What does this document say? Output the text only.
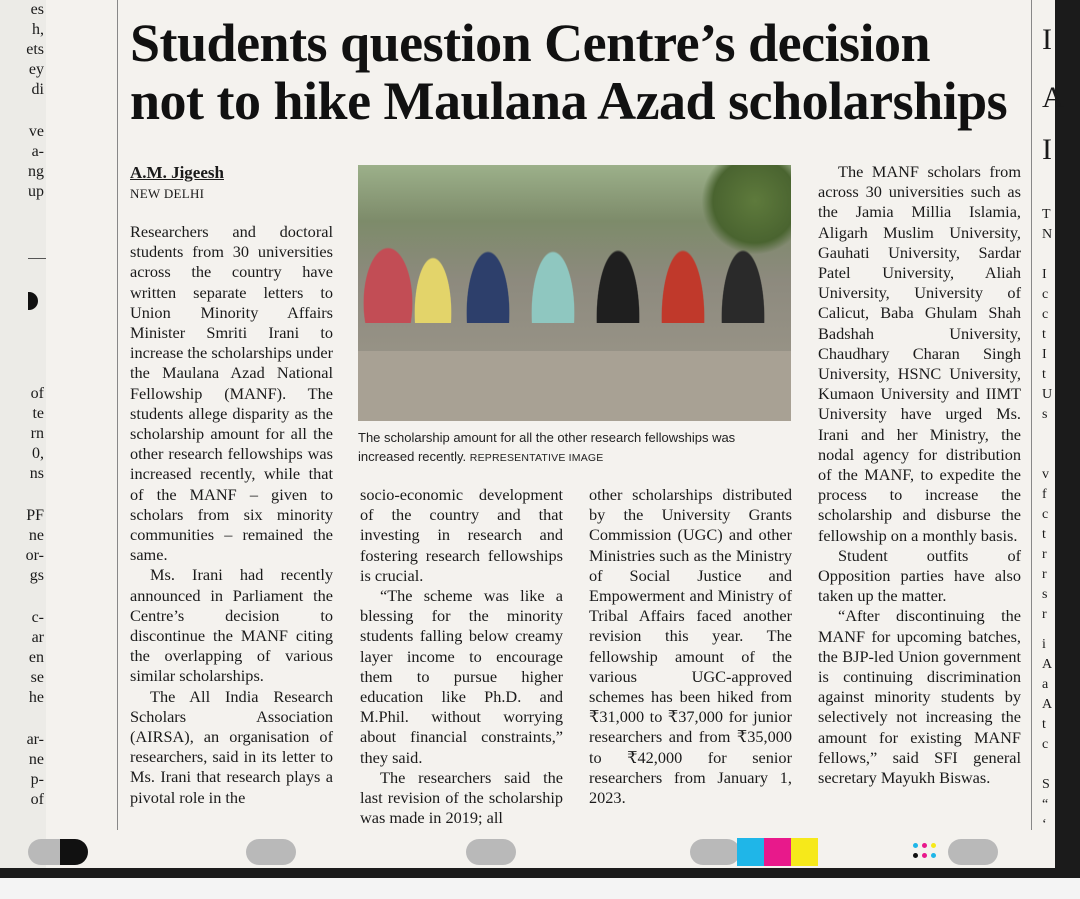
es
h,
ets
ey
di
ve
a-
ng
up
of
te
rn
0,
ns
PF
ne
or-
gs
c-
ar
en
se
he
ar-
ne
p-
of
I
A
I
T
N
I
c
c
t
I
t
U
s
v
f
c
t
r
r
s
r
i
A
a
A
t
c
S
“
‘
Students question Centre’s decision
not to hike Maulana Azad scholarships
A.M. Jigeesh
NEW DELHI
The scholarship amount for all the other research fellowships was increased recently. REPRESENTATIVE IMAGE

Researchers and doctoral students from 30 universities across the country have written separate letters to Union Minority Affairs Minister Smriti Irani to increase the scholarships under the Maulana Azad National Fellowship (MANF). The students allege disparity as the scholarship amount for all the other research fellowships was increased recently, while that of the MANF – given to scholars from six minority communities – remained the same.

Ms. Irani had recently announced in Parliament the Centre’s decision to discontinue the MANF citing the overlapping of various similar scholarships.

The All India Research Scholars Association (AIRSA), an organisation of researchers, said in its letter to Ms. Irani that research plays a pivotal role in the

socio-economic development of the country and that investing in research and fostering research fellowships is crucial.

“The scheme was like a blessing for the minority students falling below creamy layer income to encourage them to pursue higher education like Ph.D. and M.Phil. without worrying about financial constraints,” they said.

The researchers said the last revision of the scholarship was made in 2019; all

other scholarships distributed by the University Grants Commission (UGC) and other Ministries such as the Ministry of Social Justice and Empowerment and Ministry of Tribal Affairs faced another revision this year. The fellowship amount of the various UGC-approved schemes has been hiked from ₹31,000 to ₹37,000 for junior researchers and from ₹35,000 to ₹42,000 for senior researchers from January 1, 2023.

The MANF scholars from across 30 universities such as the Jamia Millia Islamia, Aligarh Muslim University, Gauhati University, Sardar Patel University, Aliah University, University of Calicut, Baba Ghulam Shah Badshah University, Chaudhary Charan Singh University, HSNC University, Kumaon University and IIMT University have urged Ms. Irani and her Ministry, the nodal agency for distribution of the MANF, to expedite the process to increase the scholarship and disburse the fellowship on a monthly basis.

Student outfits of Opposition parties have also taken up the matter.

“After discontinuing the MANF for upcoming batches, the BJP-led Union government is continuing discrimination against minority students by selectively not increasing the amount for existing MANF fellows,” said SFI general secretary Mayukh Biswas.
